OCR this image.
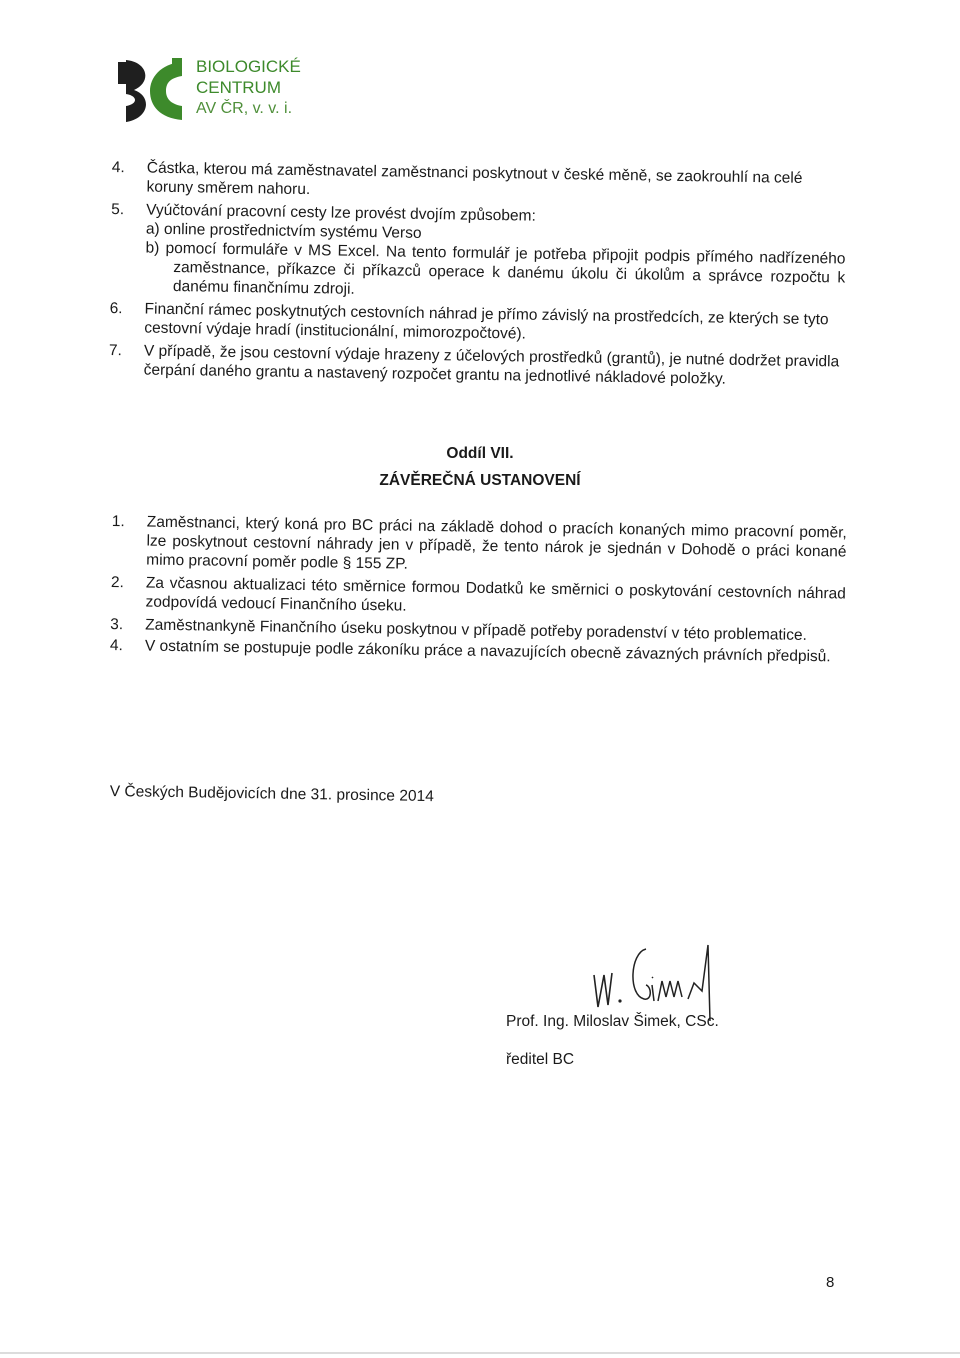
BIOLOGICKÉ
CENTRUM
AV ČR, v. v. i.
4. Částka, kterou má zaměstnavatel zaměstnanci poskytnout v české měně, se zaokrouhlí na celé koruny směrem nahoru.
5. Vyúčtování pracovní cesty lze provést dvojím způsobem:
a) online prostřednictvím systému Verso
b) pomocí formuláře v MS Excel. Na tento formulář je potřeba připojit podpis přímého nadřízeného zaměstnance, příkazce či příkazců operace k danému úkolu či úkolům a správce rozpočtu k danému finančnímu zdroji.
6. Finanční rámec poskytnutých cestovních náhrad je přímo závislý na prostředcích, ze kterých se tyto cestovní výdaje hradí (institucionální, mimorozpočtové).
7. V případě, že jsou cestovní výdaje hrazeny z účelových prostředků (grantů), je nutné dodržet pravidla čerpání daného grantu a nastavený rozpočet grantu na jednotlivé nákladové položky.
Oddíl VII.
ZÁVĚREČNÁ USTANOVENÍ
1. Zaměstnanci, který koná pro BC práci na základě dohod o pracích konaných mimo pracovní poměr, lze poskytnout cestovní náhrady jen v případě, že tento nárok je sjednán v Dohodě o práci konané mimo pracovní poměr podle § 155 ZP.
2. Za včasnou aktualizaci této směrnice formou Dodatků ke směrnici o poskytování cestovních náhrad zodpovídá vedoucí Finančního úseku.
3. Zaměstnankyně Finančního úseku poskytnou v případě potřeby poradenství v této problematice.
4. V ostatním se postupuje podle zákoníku práce a navazujících obecně závazných právních předpisů.
V Českých Budějovicích dne 31. prosince 2014
Prof. Ing. Miloslav Šimek, CSc.
ředitel BC
8
